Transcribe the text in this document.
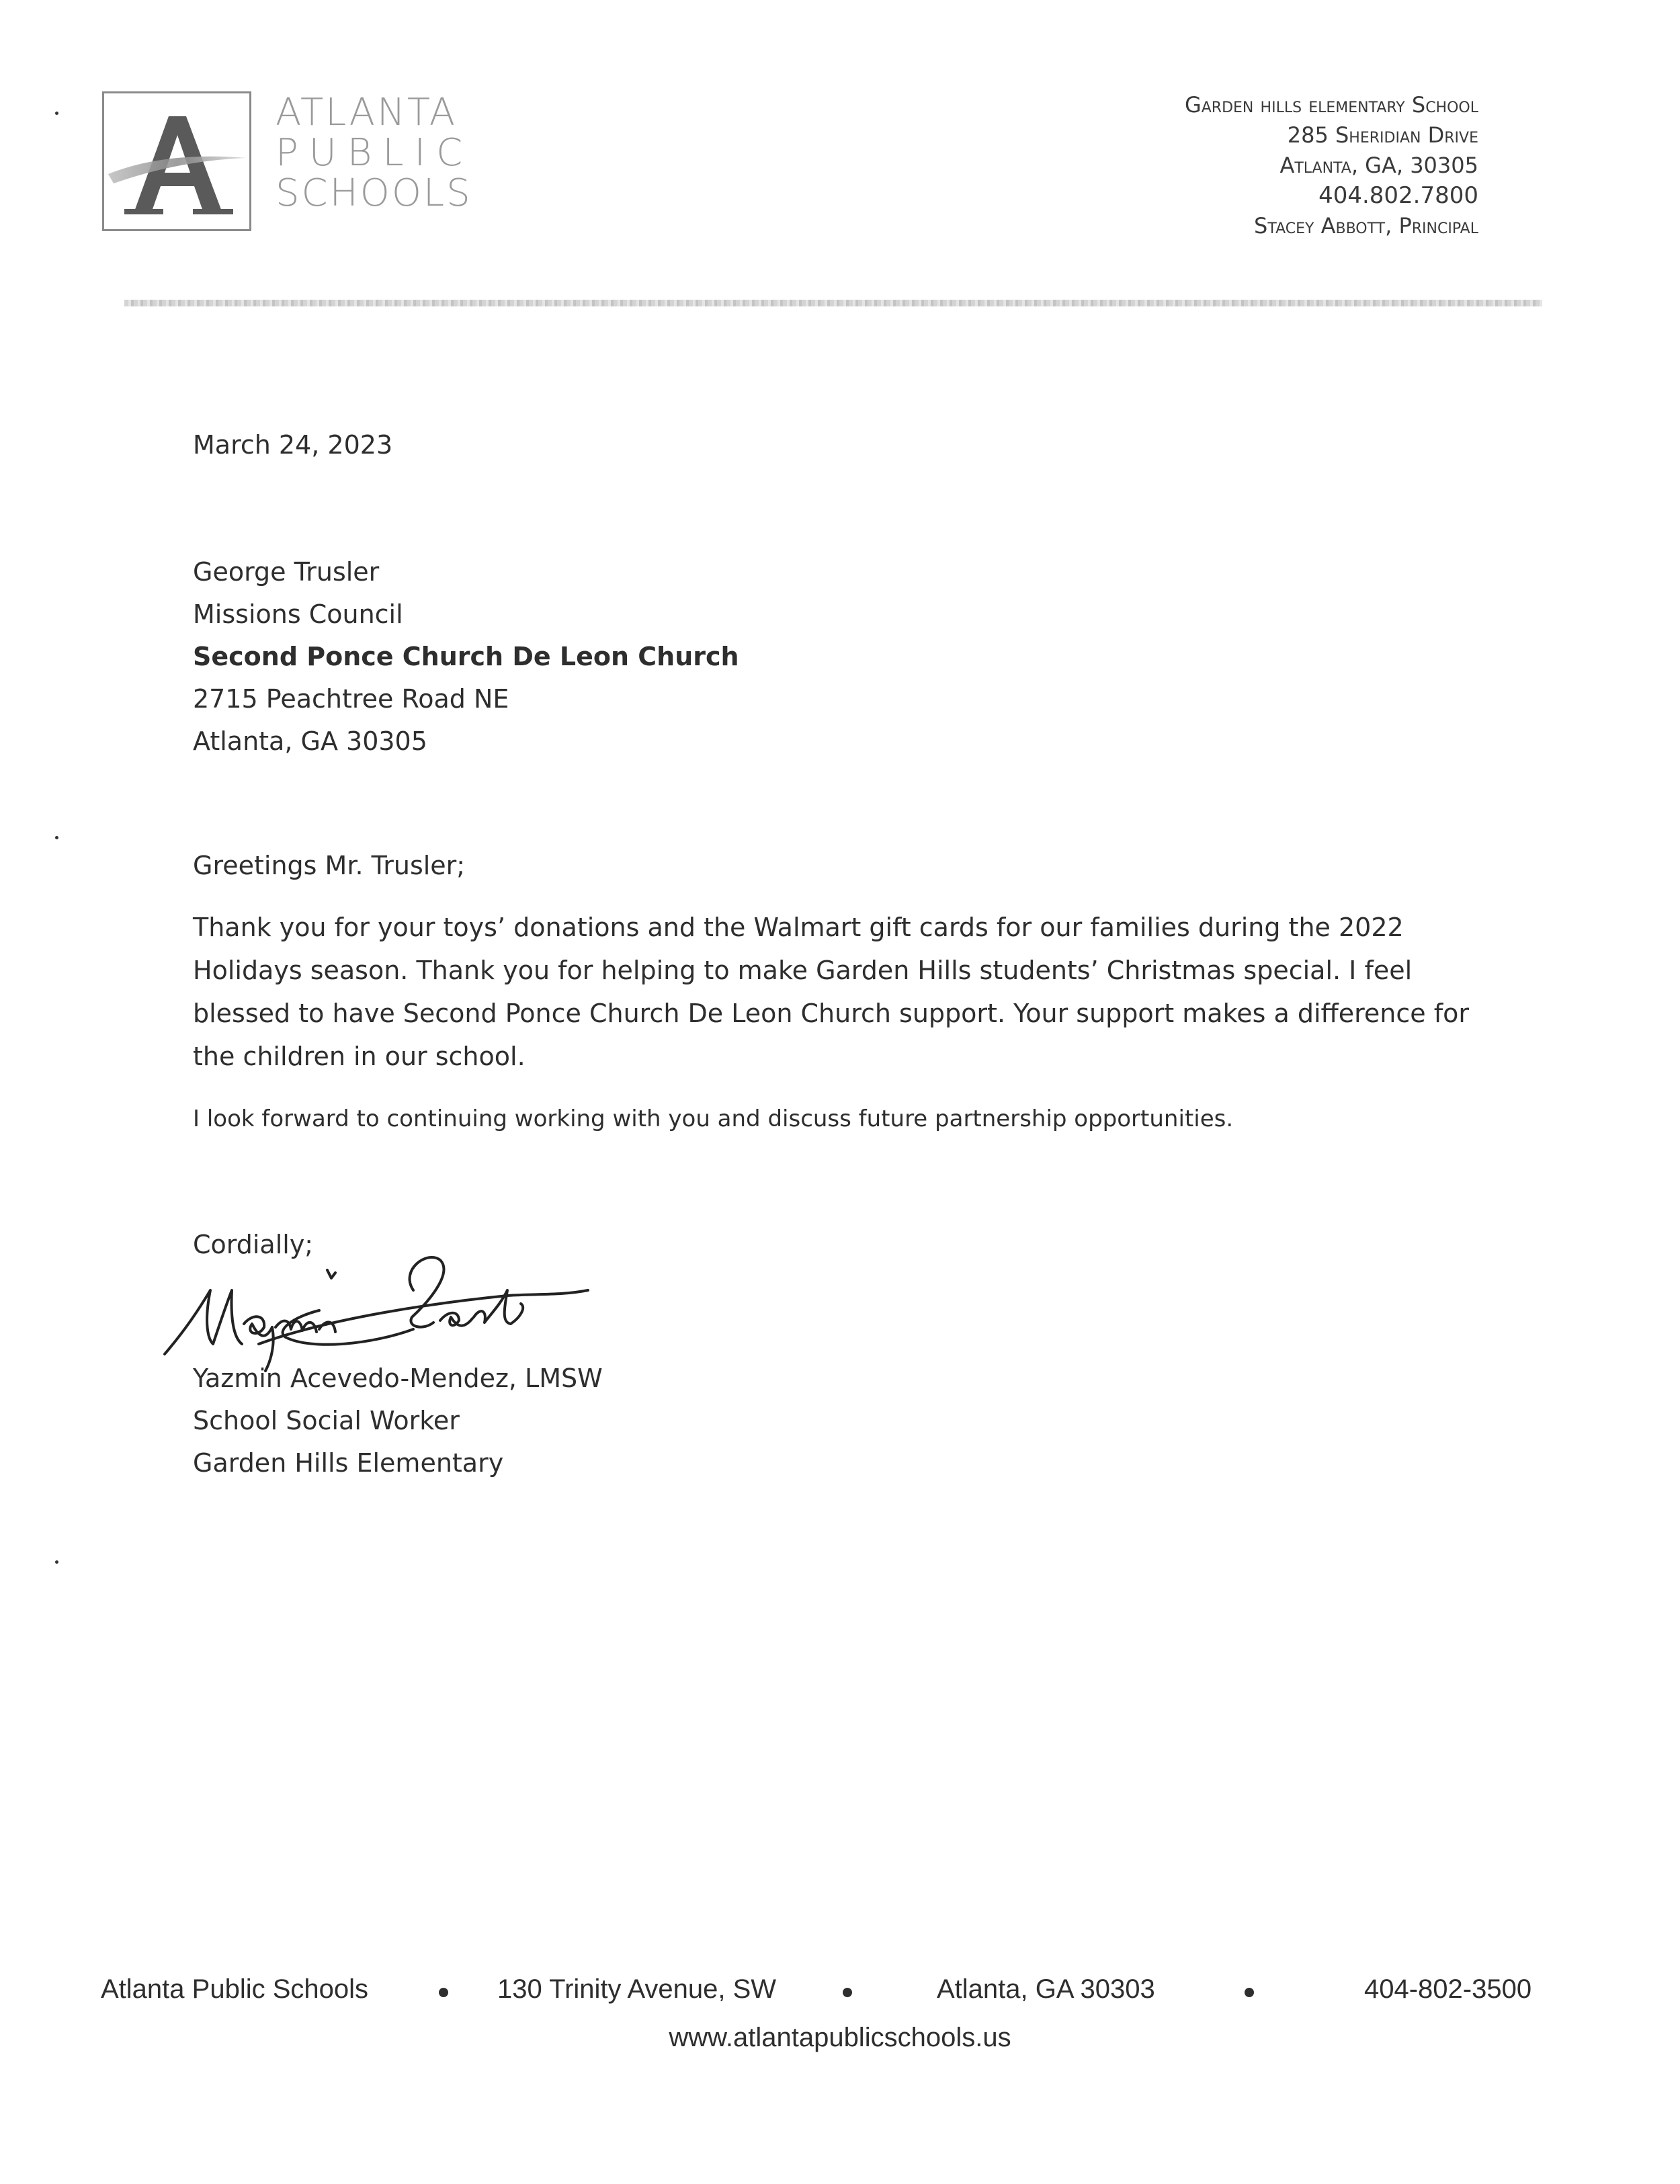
ATLANTA
PUBLIC
SCHOOLS
Garden hills elementary School
285 Sheridian Drive
Atlanta, GA, 30305
404.802.7800
Stacey Abbott, Principal
March 24, 2023
George Trusler
Missions Council
Second Ponce Church De Leon Church
2715 Peachtree Road NE
Atlanta, GA 30305
Greetings Mr. Trusler;
Thank you for your toys’ donations and the Walmart gift cards for our families during the 2022 Holidays season. Thank you for helping to make Garden Hills students’ Christmas special. I feel blessed to have Second Ponce Church De Leon Church support. Your support makes a difference for the children in our school.
I look forward to continuing working with you and discuss future partnership opportunities.
Cordially;
Yazmin Acevedo-Mendez, LMSW
School Social Worker
Garden Hills Elementary
Atlanta Public Schools	130 Trinity Avenue, SW	Atlanta, GA 30303	404-802-3500
www.atlantapublicschools.us
